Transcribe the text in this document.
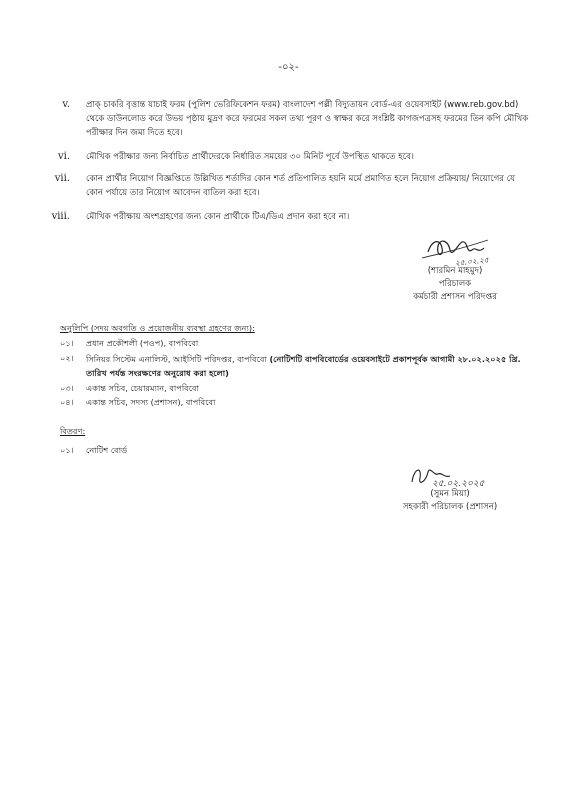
-০২-
v. প্রাক্ চাকরি বৃত্তান্ত যাচাই ফরম (পুলিশ ভেরিফিকেশন ফরম) বাংলাদেশ পল্লী বিদ্যুতায়ন বোর্ড-এর ওয়েবসাইট (www.reb.gov.bd) থেকে ডাউনলোড করে উভয় পৃষ্ঠায় মুদ্রণ করে ফরমের সকল তথ্য পূরণ ও স্বাক্ষর করে সংশ্লিষ্ট কাগজপত্রসহ ফরমের তিন কপি মৌখিক পরীক্ষার দিন জমা দিতে হবে।
vi. মৌখিক পরীক্ষার জন্য নির্বাচিত প্রার্থীদেরকে নির্ধারিত সময়ের ৩০ মিনিট পূর্বে উপস্থিত থাকতে হবে।
vii. কোন প্রার্থীর নিয়োগ বিজ্ঞপ্তিতে উল্লিখিত শর্তাদির কোন শর্ত প্রতিপালিত হয়নি মর্মে প্রমাণিত হলে নিয়োগ প্রক্রিয়ায়/ নিয়োগের যে কোন পর্যায়ে তার নিয়োগ আবেদন বাতিল করা হবে।
viii. মৌখিক পরীক্ষায় অংশগ্রহণের জন্য কোন প্রার্থীকে টিএ/ডিএ প্রদান করা হবে না।
২৫.০২.২৫
(শারমিন মাহমুদ)
পরিচালক
কর্মচারী প্রশাসন পরিদপ্তর
অনুলিপি (সদয় অবগতি ও প্রয়োজনীয় ব্যবস্থা গ্রহণের জন্য):
০১।	প্রধান প্রকৌশলী (পওপ), বাপবিবো
০২।	সিনিয়র সিস্টেম এনালিস্ট, আইসিটি পরিদপ্তর, বাপবিবো (নোটিশটি বাপবিবোর্ডের ওয়েবসাইটে প্রকাশপূর্বক আগামী ২৮.০২.২০২৫ খ্রি. তারিখ পর্যন্ত সংরক্ষণের অনুরোধ করা হলো)
০৩।	একান্ত সচিব, চেয়ারম্যান, বাপবিবো
০৪।	একান্ত সচিব, সদস্য (প্রশাসন), বাপবিবো
বিতরণ:
০১।	নোটিশ বোর্ড
২৫.০২.২০২৫
(সুমন মিয়া)
সহকারী পরিচালক (প্রশাসন)
